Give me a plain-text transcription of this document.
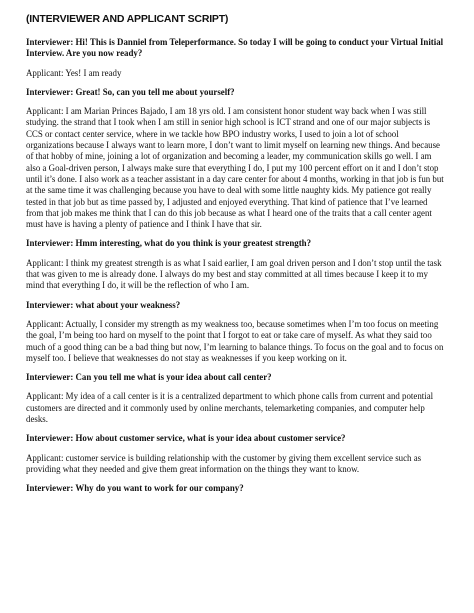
(INTERVIEWER AND APPLICANT SCRIPT)

Interviewer: Hi! This is Danniel from Teleperformance. So today I will be going to conduct your Virtual Initial Interview. Are you now ready?

Applicant: Yes! I am ready

Interviewer: Great! So, can you tell me about yourself?

Applicant: I am Marian Princes Bajado, I am 18 yrs old. I am consistent honor student way back when I was still studying. the strand that I took when I am still in senior high school is ICT strand and one of our major subjects is CCS or contact center service, where in we tackle how BPO industry works, I used to join a lot of school organizations because I always want to learn more, I don’t want to limit myself on learning new things. And because of that hobby of mine, joining a lot of organization and becoming a leader, my communication skills go well. I am also a Goal-driven person, I always make sure that everything I do, I put my 100 percent effort on it and I don’t stop until it’s done. I also work as a teacher assistant in a day care center for about 4 months, working in that job is fun but at the same time it was challenging because you have to deal with some little naughty kids. My patience got really tested in that job but as time passed by, I adjusted and enjoyed everything. That kind of patience that I’ve learned from that job makes me think that I can do this job because as what I heard one of the traits that a call center agent must have is having a plenty of patience and I think I have that sir.

Interviewer: Hmm interesting, what do you think is your greatest strength?

Applicant: I think my greatest strength is as what I said earlier, I am goal driven person and I don’t stop until the task that was given to me is already done. I always do my best and stay committed at all times because I keep it to my mind that everything I do, it will be the reflection of who I am.

Interviewer: what about your weakness?

Applicant: Actually, I consider my strength as my weakness too, because sometimes when I’m too focus on meeting the goal, I’m being too hard on myself to the point that I forgot to eat or take care of myself. As what they said too much of a good thing can be a bad thing but now, I’m learning to balance things. To focus on the goal and to focus on myself too. I believe that weaknesses do not stay as weaknesses if you keep working on it.

Interviewer: Can you tell me what is your idea about call center?

Applicant: My idea of a call center is it is a centralized department to which phone calls from current and potential customers are directed and it commonly used by online merchants, telemarketing companies, and computer help desks.

Interviewer: How about customer service, what is your idea about customer service?

Applicant: customer service is building relationship with the customer by giving them excellent service such as providing what they needed and give them great information on the things they want to know.

Interviewer: Why do you want to work for our company?
